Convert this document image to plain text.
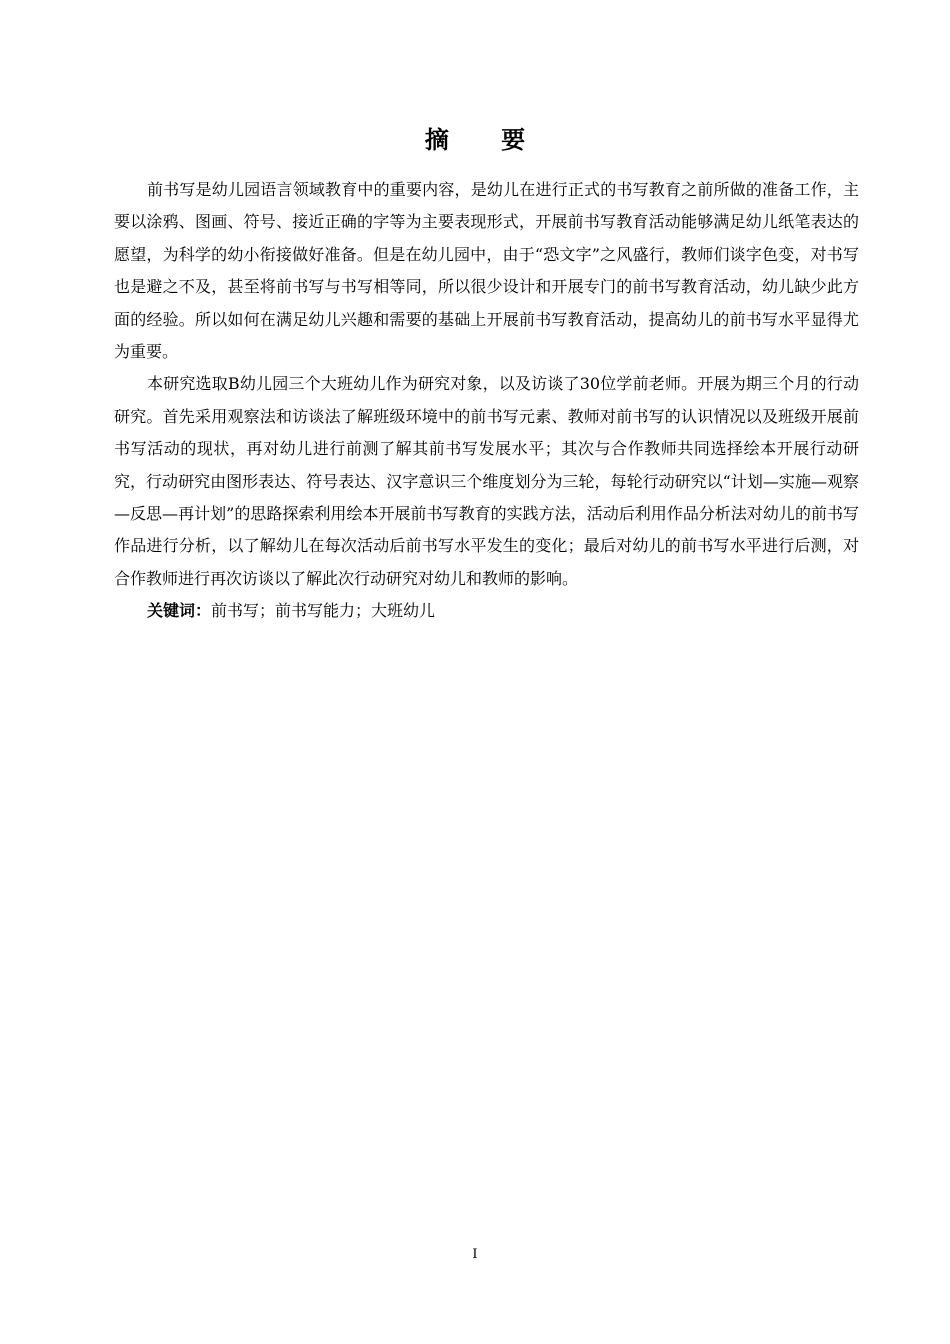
摘 要

前书写是幼儿园语言领域教育中的重要内容，是幼儿在进行正式的书写教育之前所做的准备工作，主要以涂鸦、图画、符号、接近正确的字等为主要表现形式，开展前书写教育活动能够满足幼儿纸笔表达的愿望，为科学的幼小衔接做好准备。但是在幼儿园中，由于“恐文字”之风盛行，教师们谈字色变，对书写也是避之不及，甚至将前书写与书写相等同，所以很少设计和开展专门的前书写教育活动，幼儿缺少此方面的经验。所以如何在满足幼儿兴趣和需要的基础上开展前书写教育活动，提高幼儿的前书写水平显得尤为重要。

本研究选取B幼儿园三个大班幼儿作为研究对象，以及访谈了30位学前老师。开展为期三个月的行动研究。首先采用观察法和访谈法了解班级环境中的前书写元素、教师对前书写的认识情况以及班级开展前书写活动的现状，再对幼儿进行前测了解其前书写发展水平；其次与合作教师共同选择绘本开展行动研究，行动研究由图形表达、符号表达、汉字意识三个维度划分为三轮，每轮行动研究以“计划—实施—观察—反思—再计划”的思路探索利用绘本开展前书写教育的实践方法，活动后利用作品分析法对幼儿的前书写作品进行分析，以了解幼儿在每次活动后前书写水平发生的变化；最后对幼儿的前书写水平进行后测，对合作教师进行再次访谈以了解此次行动研究对幼儿和教师的影响。

关键词：前书写；前书写能力；大班幼儿

I
